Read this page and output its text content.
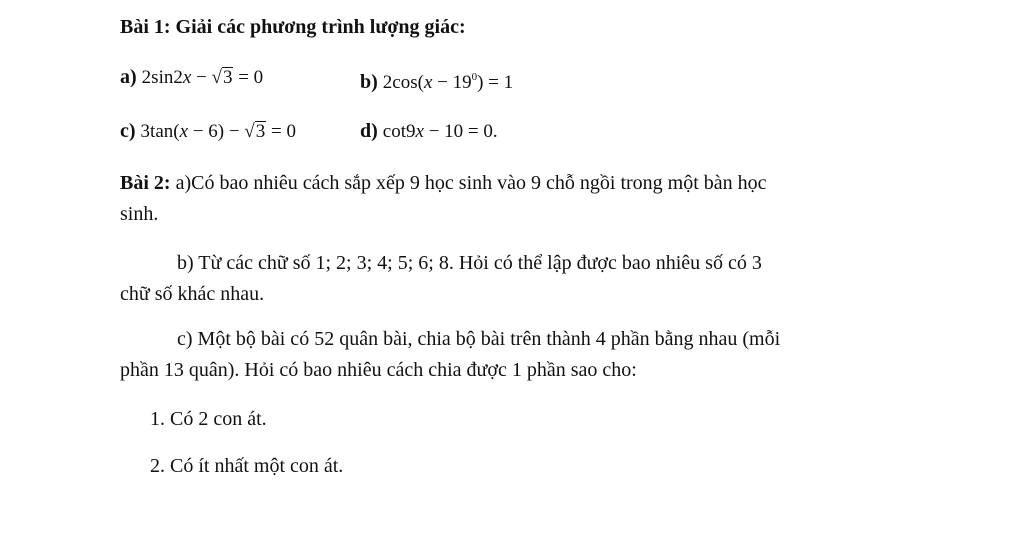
Bài 1: Giải các phương trình lượng giác:
a) 2sin2x − √3 = 0	b) $2\cos(x - 19^0) = 1$
c) 3tan(x − 6) − √3 = 0	d) cot9x − 10 = 0.
Bài 2: a)Có bao nhiêu cách sắp xếp 9 học sinh vào 9 chỗ ngồi trong một bàn học
sinh.
b) Từ các chữ số 1; 2; 3; 4; 5; 6; 8. Hỏi có thể lập được bao nhiêu số có 3
chữ số khác nhau.
c) Một bộ bài có 52 quân bài, chia bộ bài trên thành 4 phần bằng nhau (mỗi
phần 13 quân). Hỏi có bao nhiêu cách chia được 1 phần sao cho:
1. Có 2 con át.
2. Có ít nhất một con át.
